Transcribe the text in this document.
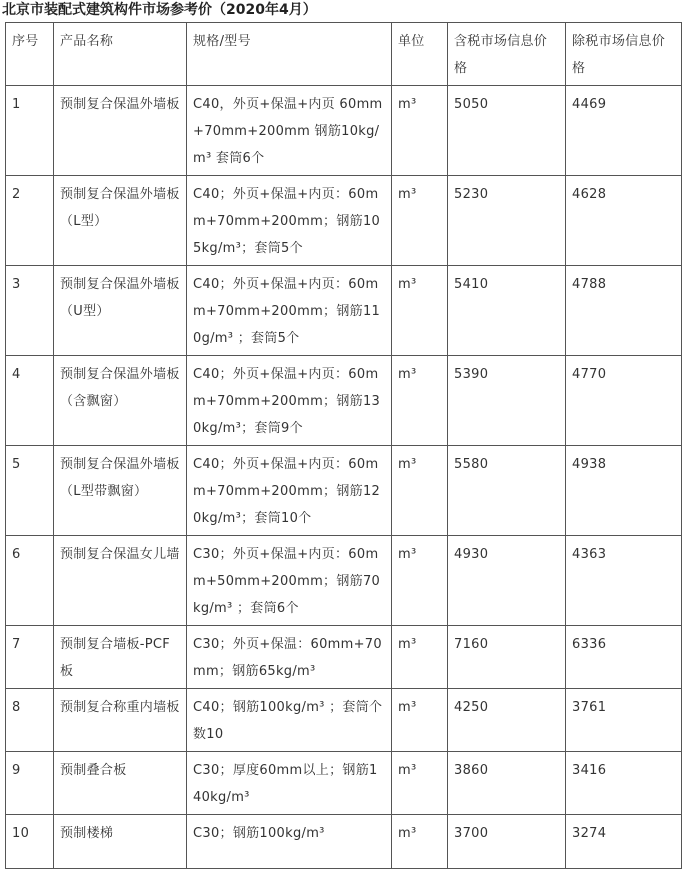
北京市装配式建筑构件市场参考价（2020年4月）
序号	产品名称	规格/型号	单位	含税市场信息价格	除税市场信息价格
1	预制复合保温外墙板	C40，外页+保温+内页 60mm+70mm+200mm 钢筋10kg/m³ 套筒6个	m³	5050	4469
2	预制复合保温外墙板（L型）	C40；外页+保温+内页：60mm+70mm+200mm；钢筋105kg/m³；套筒5个	m³	5230	4628
3	预制复合保温外墙板（U型）	C40；外页+保温+内页：60mm+70mm+200mm；钢筋110g/m³ ；套筒5个	m³	5410	4788
4	预制复合保温外墙板（含飘窗）	C40；外页+保温+内页：60mm+70mm+200mm；钢筋130kg/m³；套筒9个	m³	5390	4770
5	预制复合保温外墙板（L型带飘窗）	C40；外页+保温+内页：60mm+70mm+200mm；钢筋120kg/m³；套筒10个	m³	5580	4938
6	预制复合保温女儿墙	C30；外页+保温+内页：60mm+50mm+200mm；钢筋70kg/m³ ；套筒6个	m³	4930	4363
7	预制复合墙板-PCF板	C30；外页+保温：60mm+70mm；钢筋65kg/m³	m³	7160	6336
8	预制复合称重内墙板	C40；钢筋100kg/m³ ；套筒个数10	m³	4250	3761
9	预制叠合板	C30；厚度60mm以上；钢筋140kg/m³	m³	3860	3416
10	预制楼梯	C30；钢筋100kg/m³	m³	3700	3274
